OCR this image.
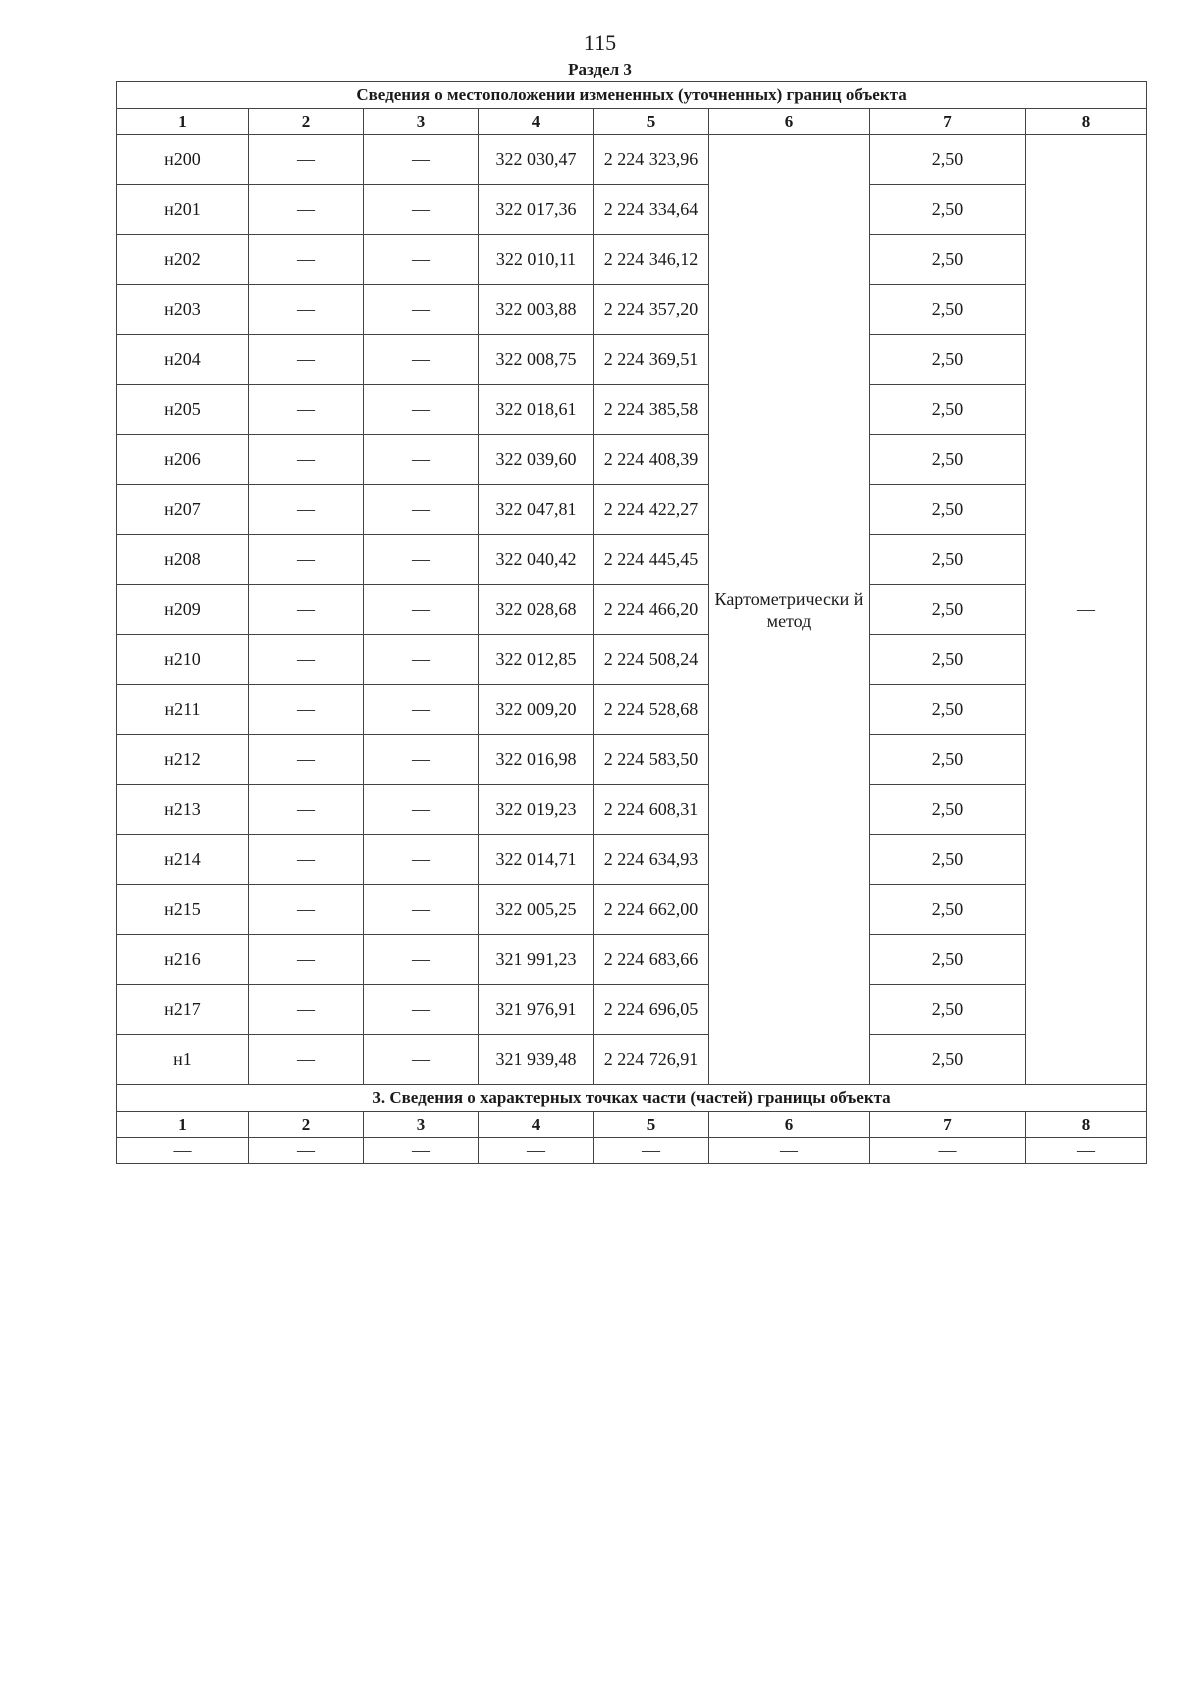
115
Раздел 3
Сведения о местоположении измененных (уточненных) границ объекта							
1	2	3	4	5	6	7	8
н200	—	—	322 030,47	2 224 323,96	Картометрически й метод	2,50	—
н201	—	—	322 017,36	2 224 334,64		2,50	
н202	—	—	322 010,11	2 224 346,12		2,50	
н203	—	—	322 003,88	2 224 357,20		2,50	
н204	—	—	322 008,75	2 224 369,51		2,50	
н205	—	—	322 018,61	2 224 385,58		2,50	
н206	—	—	322 039,60	2 224 408,39		2,50	
н207	—	—	322 047,81	2 224 422,27		2,50	
н208	—	—	322 040,42	2 224 445,45		2,50	
н209	—	—	322 028,68	2 224 466,20		2,50	
н210	—	—	322 012,85	2 224 508,24		2,50	
н211	—	—	322 009,20	2 224 528,68		2,50	
н212	—	—	322 016,98	2 224 583,50		2,50	
н213	—	—	322 019,23	2 224 608,31		2,50	
н214	—	—	322 014,71	2 224 634,93		2,50	
н215	—	—	322 005,25	2 224 662,00		2,50	
н216	—	—	321 991,23	2 224 683,66		2,50	
н217	—	—	321 976,91	2 224 696,05		2,50	
н1	—	—	321 939,48	2 224 726,91		2,50	
3. Сведения о характерных точках части (частей) границы объекта							
1	2	3	4	5	6	7	8
—	—	—	—	—	—	—	—
